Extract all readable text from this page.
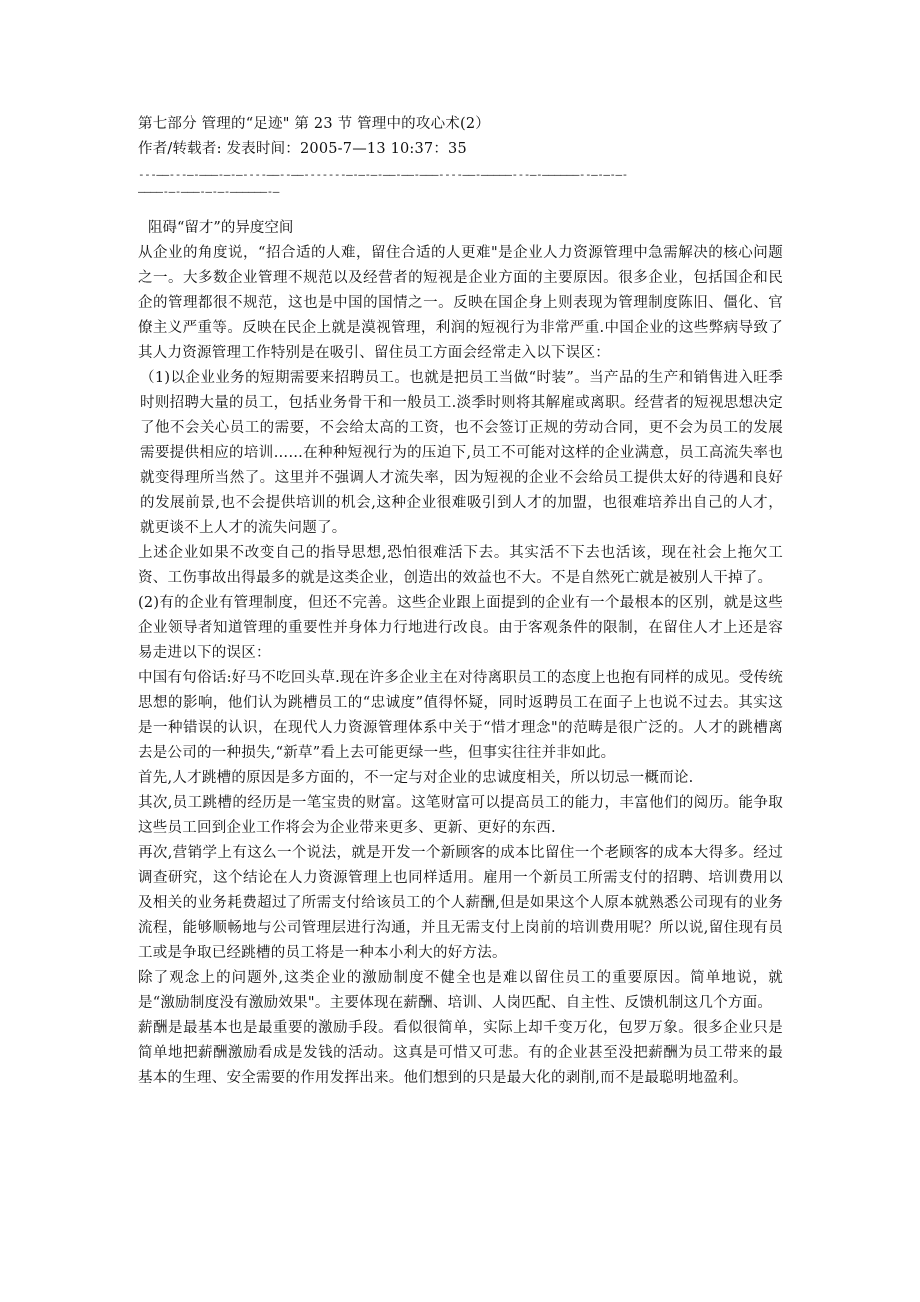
第七部分 管理的“足迹" 第 23 节 管理中的攻心术(2）
作者/转载者: 发表时间：2005-7—13 10:37：35
---——---—-———-—-—----——--——-------—-—-—-——-——-———----——-—————---—-——————--—-—-—-
————-—-———-—-—-——————-—
阻碍“留才”的异度空间

从企业的角度说，“招合适的人难，留住合适的人更难"是企业人力资源管理中急需解决的核心问题之一。大多数企业管理不规范以及经营者的短视是企业方面的主要原因。很多企业，包括国企和民企的管理都很不规范，这也是中国的国情之一。反映在国企身上则表现为管理制度陈旧、僵化、官僚主义严重等。反映在民企上就是漠视管理，利润的短视行为非常严重.中国企业的这些弊病导致了其人力资源管理工作特别是在吸引、留住员工方面会经常走入以下误区：

（1)以企业业务的短期需要来招聘员工。也就是把员工当做“时装”。当产品的生产和销售进入旺季时则招聘大量的员工，包括业务骨干和一般员工.淡季时则将其解雇或离职。经营者的短视思想决定了他不会关心员工的需要，不会给太高的工资，也不会签订正规的劳动合同，更不会为员工的发展需要提供相应的培训……在种种短视行为的压迫下,员工不可能对这样的企业满意，员工高流失率也就变得理所当然了。这里并不强调人才流失率，因为短视的企业不会给员工提供太好的待遇和良好的发展前景,也不会提供培训的机会,这种企业很难吸引到人才的加盟，也很难培养出自己的人才，就更谈不上人才的流失问题了。

上述企业如果不改变自己的指导思想,恐怕很难活下去。其实活不下去也活该，现在社会上拖欠工资、工伤事故出得最多的就是这类企业，创造出的效益也不大。不是自然死亡就是被别人干掉了。

(2)有的企业有管理制度，但还不完善。这些企业跟上面提到的企业有一个最根本的区别，就是这些企业领导者知道管理的重要性并身体力行地进行改良。由于客观条件的限制，在留住人才上还是容易走进以下的误区：

中国有句俗话:好马不吃回头草.现在许多企业主在对待离职员工的态度上也抱有同样的成见。受传统思想的影响，他们认为跳槽员工的“忠诚度”值得怀疑，同时返聘员工在面子上也说不过去。其实这是一种错误的认识，在现代人力资源管理体系中关于“惜才理念"的范畴是很广泛的。人才的跳槽离去是公司的一种损失,“新草”看上去可能更绿一些，但事实往往并非如此。

首先,人才跳槽的原因是多方面的，不一定与对企业的忠诚度相关，所以切忌一概而论.

其次,员工跳槽的经历是一笔宝贵的财富。这笔财富可以提高员工的能力，丰富他们的阅历。能争取这些员工回到企业工作将会为企业带来更多、更新、更好的东西.

再次,营销学上有这么一个说法，就是开发一个新顾客的成本比留住一个老顾客的成本大得多。经过调查研究，这个结论在人力资源管理上也同样适用。雇用一个新员工所需支付的招聘、培训费用以及相关的业务耗费超过了所需支付给该员工的个人薪酬,但是如果这个人原本就熟悉公司现有的业务流程，能够顺畅地与公司管理层进行沟通，并且无需支付上岗前的培训费用呢？所以说,留住现有员工或是争取已经跳槽的员工将是一种本小利大的好方法。

除了观念上的问题外,这类企业的激励制度不健全也是难以留住员工的重要原因。简单地说，就是“激励制度没有激励效果"。主要体现在薪酬、培训、人岗匹配、自主性、反馈机制这几个方面。

薪酬是最基本也是最重要的激励手段。看似很简单，实际上却千变万化，包罗万象。很多企业只是简单地把薪酬激励看成是发钱的活动。这真是可惜又可悲。有的企业甚至没把薪酬为员工带来的最基本的生理、安全需要的作用发挥出来。他们想到的只是最大化的剥削,而不是最聪明地盈利。
